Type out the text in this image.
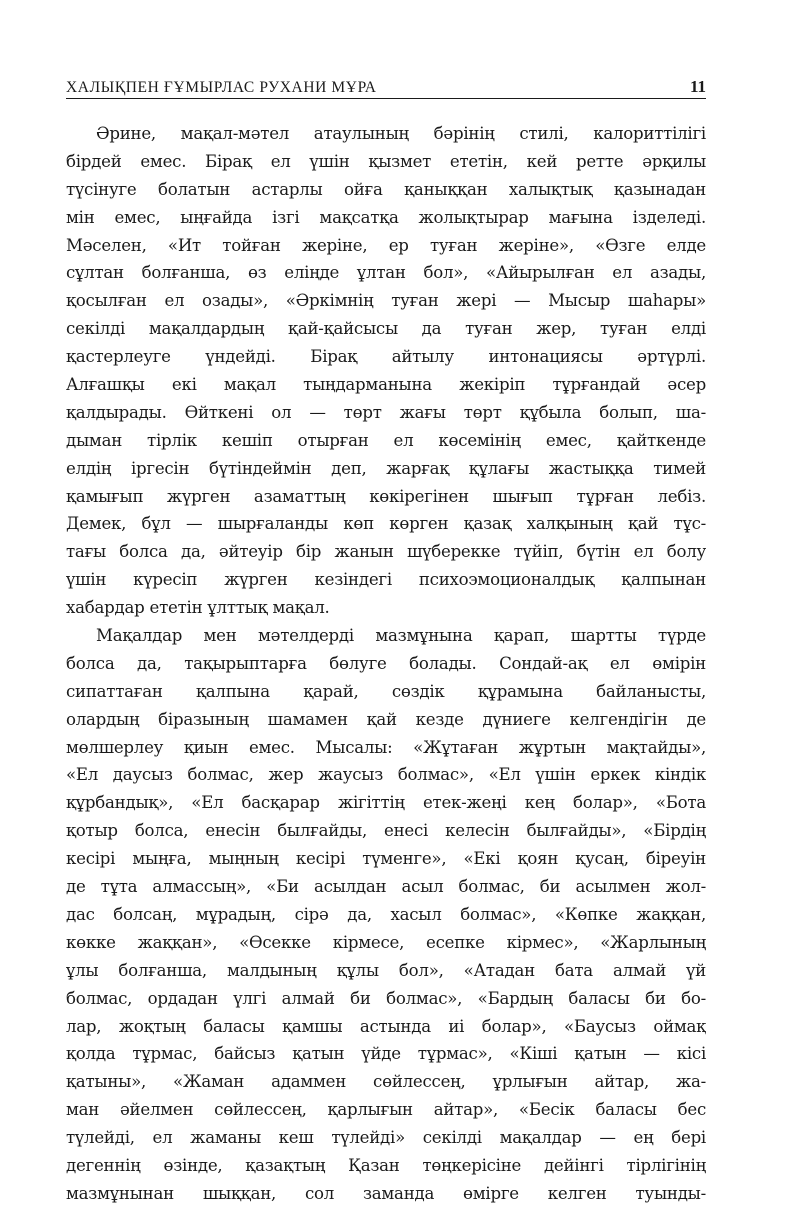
ХАЛЫҚПЕН ҒҰМЫРЛАС РУХАНИ МҰРА	11
Әрине, мақал-мәтел атаулының бәрінің стилі, калориттілігі
бірдей емес. Бірақ ел үшін қызмет ететін, кей ретте әрқилы
түсінуге болатын астарлы ойға қаныққан халықтық қазынадан
мін емес, ыңғайда ізгі мақсатқа жолықтырар мағына ізделеді.
Мәселен, «Ит тойған жеріне, ер туған жеріне», «Өзге елде
сұлтан болғанша, өз еліңде ұлтан бол», «Айырылған ел азады,
қосылған ел озады», «Әркімнің туған жері — Мысыр шаһары»
секілді мақалдардың қай-қайсысы да туған жер, туған елді
қастерлеуге үндейді. Бірақ айтылу интонациясы әртүрлі.
Алғашқы екі мақал тыңдарманына жекіріп тұрғандай әсер
қалдырады. Өйткені ол — төрт жағы төрт құбыла болып, ша-
дыман тірлік кешіп отырған ел көсемінің емес, қайткенде
елдің іргесін бүтіндеймін деп, жарғақ құлағы жастыққа тимей
қамығып жүрген азаматтың көкірегінен шығып тұрған лебіз.
Демек, бұл — шырғаланды көп көрген қазақ халқының қай тұс-
тағы болса да, әйтеуір бір жанын шүберекке түйіп, бүтін ел болу
үшін күресіп жүрген кезіндегі психоэмоционалдық қалпынан
хабардар ететін ұлттық мақал.
Мақалдар мен мәтелдерді мазмұнына қарап, шартты түрде
болса да, тақырыптарға бөлуге болады. Сондай-ақ ел өмірін
сипаттаған қалпына қарай, сөздік құрамына байланысты,
олардың біразының шамамен қай кезде дүниеге келгендігін де
мөлшерлеу қиын емес. Мысалы: «Жұтаған жұртын мақтайды»,
«Ел даусыз болмас, жер жаусыз болмас», «Ел үшін еркек кіндік
құрбандық», «Ел басқарар жігіттің етек-жеңі кең болар», «Бота
қотыр болса, енесін былғайды, енесі келесін былғайды», «Бірдің
кесірі мыңға, мыңның кесірі түменге», «Екі қоян қусаң, біреуін
де тұта алмассың», «Би асылдан асыл болмас, би асылмен жол-
дас болсаң, мұрадың, сірә да, хасыл болмас», «Көпке жаққан,
көкке жаққан», «Өсекке кірмесе, есепке кірмес», «Жарлының
ұлы болғанша, малдының құлы бол», «Атадан бата алмай үй
болмас, ордадан үлгі алмай би болмас», «Бардың баласы би бо-
лар, жоқтың баласы қамшы астында иі болар», «Баусыз оймақ
қолда тұрмас, байсыз қатын үйде тұрмас», «Кіші қатын — кісі
қатыны», «Жаман адаммен сөйлессең, ұрлығын айтар, жа-
ман әйелмен сөйлессең, қарлығын айтар», «Бесік баласы бес
түлейді, ел жаманы кеш түлейді» секілді мақалдар — ең бері
дегеннің өзінде, қазақтың Қазан төңкерісіне дейінгі тірлігінің
мазмұнынан шыққан, сол заманда өмірге келген туынды-
